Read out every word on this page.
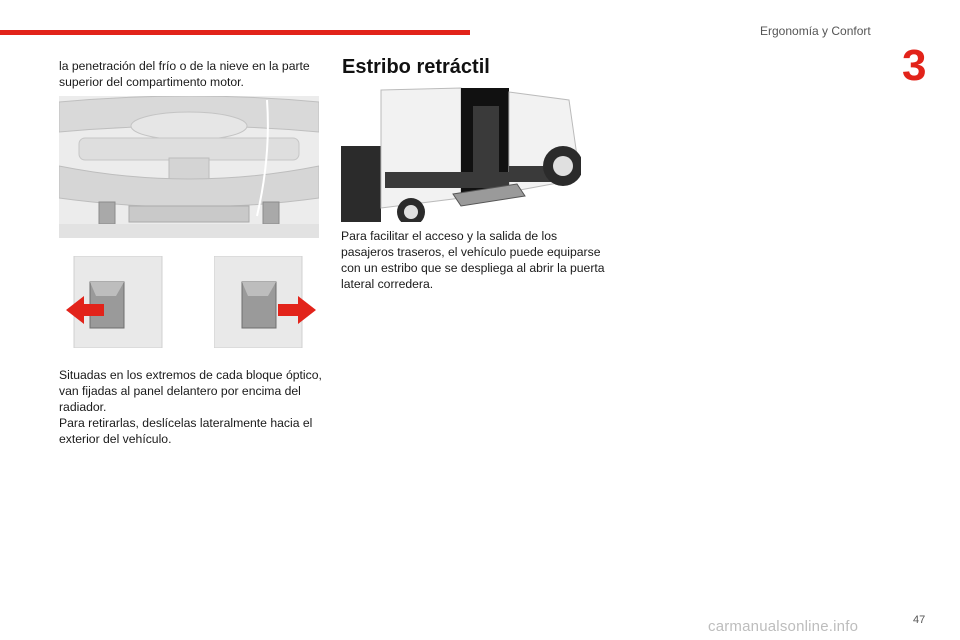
Ergonomía y Confort
3

la penetración del frío o de la nieve en la parte superior del compartimento motor.

Situadas en los extremos de cada bloque óptico, van fijadas al panel delantero por encima del radiador.

Para retirarlas, deslícelas lateralmente hacia el exterior del vehículo.

Estribo retráctil

Para facilitar el acceso y la salida de los pasajeros traseros, el vehículo puede equiparse con un estribo que se despliega al abrir la puerta lateral corredera.

47
carmanualsonline.info
